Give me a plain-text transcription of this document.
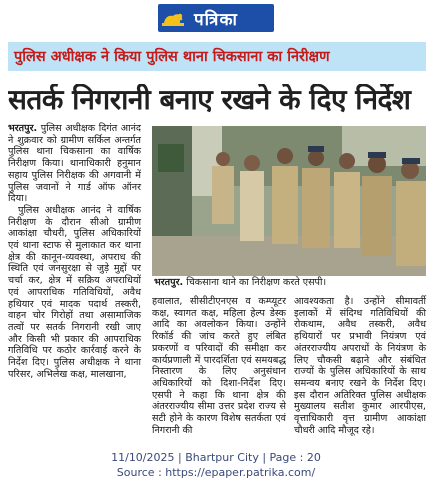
पत्रिका
पुलिस अधीक्षक ने किया पुलिस थाना चिकसाना का निरीक्षण
सतर्क निगरानी बनाए रखने के दिए निर्देश

भरतपुर. पुलिस अधीक्षक दिगंत आनंद ने शुक्रवार को ग्रामीण सर्किल अन्तर्गत पुलिस थाना चिकसाना का वार्षिक निरीक्षण किया। थानाधिकारी हनुमान सहाय पुलिस निरीक्षक की अगवानी में पुलिस जवानों ने गार्ड ऑफ ऑनर दिया।

पुलिस अधीक्षक आनंद ने वार्षिक निरीक्षण के दौरान सीओ ग्रामीण आकांक्षा चौधरी, पुलिस अधिकारियों एवं थाना स्टाफ से मुलाकात कर थाना क्षेत्र की कानून-व्यवस्था, अपराध की स्थिति एवं जनसुरक्षा से जुड़े मुद्दों पर चर्चा कर, क्षेत्र में सक्रिय अपराधियों एवं आपराधिक गतिविधियों, अवैध हथियार एवं मादक पदार्थ तस्करी, वाहन चोर गिरोहों तथा असामाजिक तत्वों पर सतर्क निगरानी रखी जाए और किसी भी प्रकार की आपराधिक गतिविधि पर कठोर कार्रवाई करने के निर्देश दिए। पुलिस अधीक्षक ने थाना परिसर, अभिलेख कक्ष, मालखाना,

भरतपुर. चिकसाना थाने का निरीक्षण करते एसपी।
हवालात, सीसीटीएनएस व कम्प्यूटर कक्ष, स्वागत कक्ष, महिला हेल्प डेस्क आदि का अवलोकन किया। उन्होंने रिकॉर्ड की जांच करते हुए लंबित प्रकरणों व परिवादों की समीक्षा कर कार्यप्रणाली में पारदर्शिता एवं समयबद्ध निस्तारण के लिए अनुसंधान अधिकारियों को दिशा-निर्देश दिए। एसपी ने कहा कि थाना क्षेत्र की अंतरराज्यीय सीमा उत्तर प्रदेश राज्य से सटी होने के कारण विशेष सतर्कता एवं निगरानी की
आवश्यकता है। उन्होंने सीमावर्ती इलाकों में संदिग्ध गतिविधियों की रोकथाम, अवैध तस्करी, अवैध हथियारों पर प्रभावी नियंत्रण एवं अंतरराज्यीय अपराधों के नियंत्रण के लिए चौकसी बढ़ाने और संबंधित राज्यों के पुलिस अधिकारियों के साथ समन्वय बनाए रखने के निर्देश दिए। इस दौरान अतिरिक्त पुलिस अधीक्षक मुख्यालय सतीश कुमार आरपीएस, वृत्ताधिकारी वृत्त ग्रामीण आकांक्षा चौधरी आदि मौजूद रहे।
11/10/2025 | Bhartpur City | Page : 20
Source : https://epaper.patrika.com/
